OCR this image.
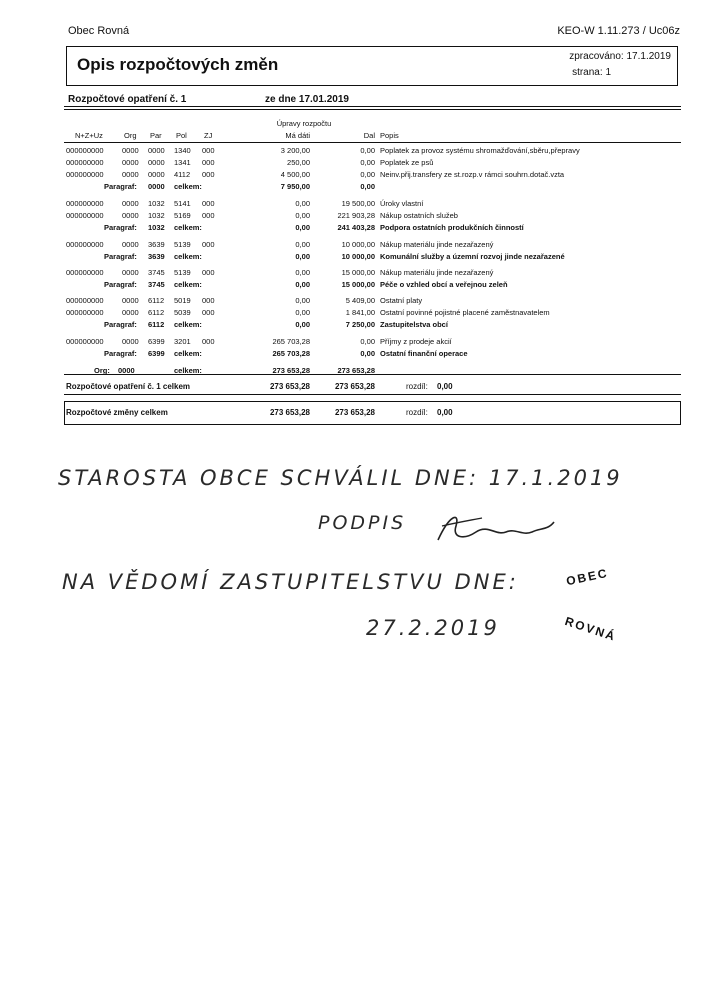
Obec Rovná	KEO-W 1.11.273 / Uc06z
Opis rozpočtových změn	zpracováno: 17.1.2019
strana: 1
Rozpočtové opatření č. 1	ze dne 17.01.2019
Úpravy rozpočtu
N+Z+Uz	Org Par Pol ZJ	Má dáti	Dal Popis
000000000 0000 0000 1340 000	3 200,00	0,00 Poplatek za provoz systému shromažďování,sběru,přepravy
000000000 0000 0000 1341 000	250,00	0,00 Poplatek ze psů
000000000 0000 0000 4112 000	4 500,00	0,00 Neinv.přij.transfery ze st.rozp.v rámci souhrn.dotač.vzta
Paragraf: 0000 celkem:	7 950,00	0,00
000000000 0000 1032 5141 000	0,00	19 500,00 Úroky vlastní
000000000 0000 1032 5169 000	0,00	221 903,28 Nákup ostatních služeb
Paragraf: 1032 celkem:	0,00	241 403,28 Podpora ostatních produkčních činností
000000000 0000 3639 5139 000	0,00	10 000,00 Nákup materiálu jinde nezařazený
Paragraf: 3639 celkem:	0,00	10 000,00 Komunální služby a územní rozvoj jinde nezařazené
000000000 0000 3745 5139 000	0,00	15 000,00 Nákup materiálu jinde nezařazený
Paragraf: 3745 celkem:	0,00	15 000,00 Péče o vzhled obcí a veřejnou zeleň
000000000 0000 6112 5019 000	0,00	5 409,00 Ostatní platy
000000000 0000 6112 5039 000	0,00	1 841,00 Ostatní povinné pojistné placené zaměstnavatelem
Paragraf: 6112 celkem:	0,00	7 250,00 Zastupitelstva obcí
000000000 0000 6399 3201 000	265 703,28	0,00 Příjmy z prodeje akcií
Paragraf: 6399 celkem:	265 703,28	0,00 Ostatní finanční operace
Org: 0000	celkem:	273 653,28	273 653,28
Rozpočtové opatření č. 1 celkem	273 653,28	273 653,28	rozdíl: 0,00
Rozpočtové změny celkem	273 653,28	273 653,28	rozdíl: 0,00
STAROSTA OBCE SCHVÁLIL DNE: 17.1.2019
PODPIS
NA VĚDOMÍ ZASTUPITELSTVU DNE:
27.2.2019
OBEC
ROVNÁ
